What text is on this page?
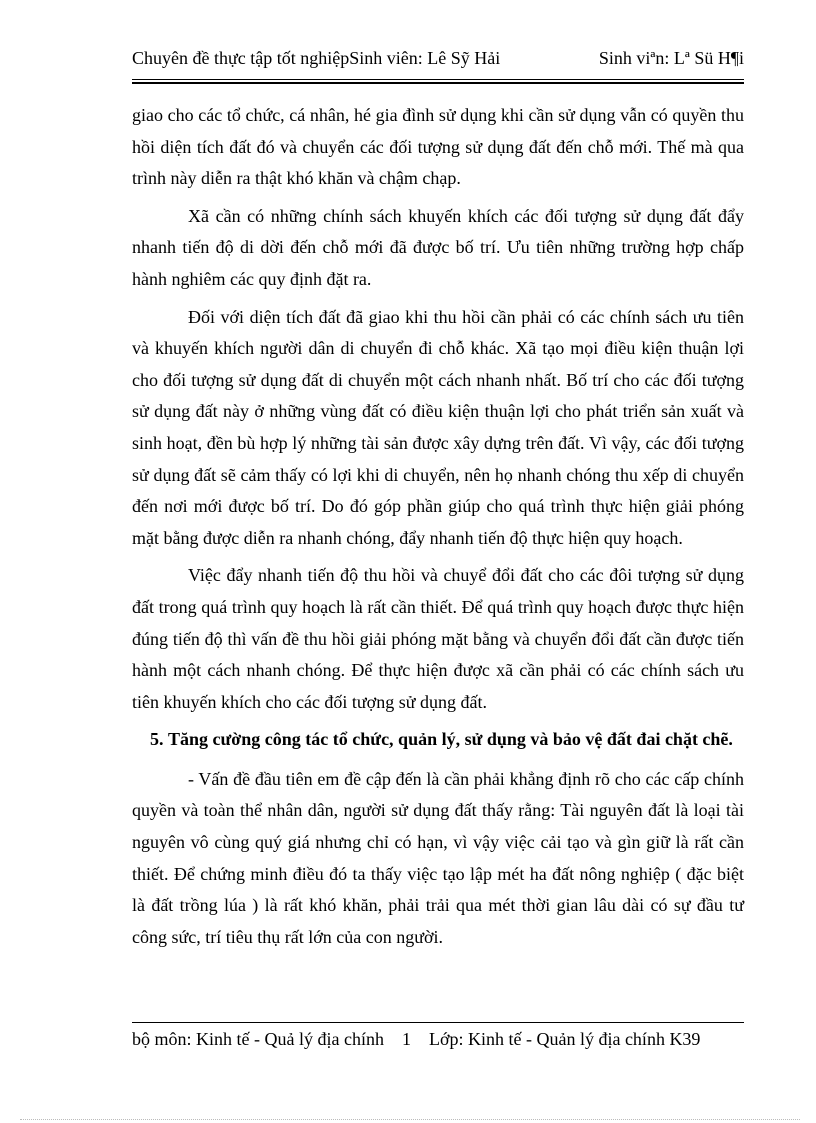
Chuyên đề thực tập tốt nghiệpSinh viên: Lê Sỹ Hải	Sinh viªn: Lª Sü H¶i

giao cho các tổ chức, cá nhân, hé gia đình sử dụng khi cần sử dụng vẫn có quyền thu hồi diện tích đất đó và chuyển các đối tượng sử dụng đất đến chỗ mới. Thế mà qua trình này diễn ra thật khó khăn và chậm chạp.

Xã cần có những chính sách khuyến khích các đối tượng sử dụng đất đẩy nhanh tiến độ di dời đến chỗ mới đã được bố trí. Ưu tiên những trường hợp chấp hành nghiêm các quy định đặt ra.

Đối với diện tích đất đã giao khi thu hồi cần phải có các chính sách ưu tiên và khuyến khích người dân di chuyển đi chỗ khác. Xã tạo mọi điều kiện thuận lợi cho đối tượng sử dụng đất di chuyển một cách nhanh nhất. Bố trí cho các đối tượng sử dụng đất này ở những vùng đất có điều kiện thuận lợi cho phát triển sản xuất và sinh hoạt, đền bù hợp lý những tài sản được xây dựng trên đất. Vì vậy, các đối tượng sử dụng đất sẽ cảm thấy có lợi khi di chuyển, nên họ nhanh chóng thu xếp di chuyển đến nơi mới được bố trí. Do đó góp phần giúp cho quá trình thực hiện giải phóng mặt bằng được diễn ra nhanh chóng, đẩy nhanh tiến độ thực hiện quy hoạch.

Việc đẩy nhanh tiến độ thu hồi và chuyể đổi đất cho các đôi tượng sử dụng đất trong quá trình quy hoạch là rất cần thiết. Để quá trình quy hoạch được thực hiện đúng tiến độ thì vấn đề thu hồi giải phóng mặt bằng và chuyển đổi đất cần được tiến hành một cách nhanh chóng. Để thực hiện được xã cần phải có các chính sách ưu tiên khuyến khích cho các đối tượng sử dụng đất.

5. Tăng cường công tác tổ chức, quản lý, sử dụng và bảo vệ đất đai chặt chẽ.

- Vấn đề đầu tiên em đề cập đến là cần phải khẳng định rõ cho các cấp chính quyền và toàn thể nhân dân, người sử dụng đất thấy rằng: Tài nguyên đất là loại tài nguyên vô cùng quý giá nhưng chỉ có hạn, vì vậy việc cải tạo và gìn giữ là rất cần thiết. Để chứng minh điều đó ta thấy việc tạo lập mét ha đất nông nghiệp ( đặc biệt là đất trồng lúa ) là rất khó khăn, phải trải qua mét thời gian lâu dài có sự đầu tư công sức, trí tiêu thụ rất lớn của con người.

bộ môn: Kinh tế - Quả lý địa chính 1 Lớp: Kinh tế - Quản lý địa chính K39
